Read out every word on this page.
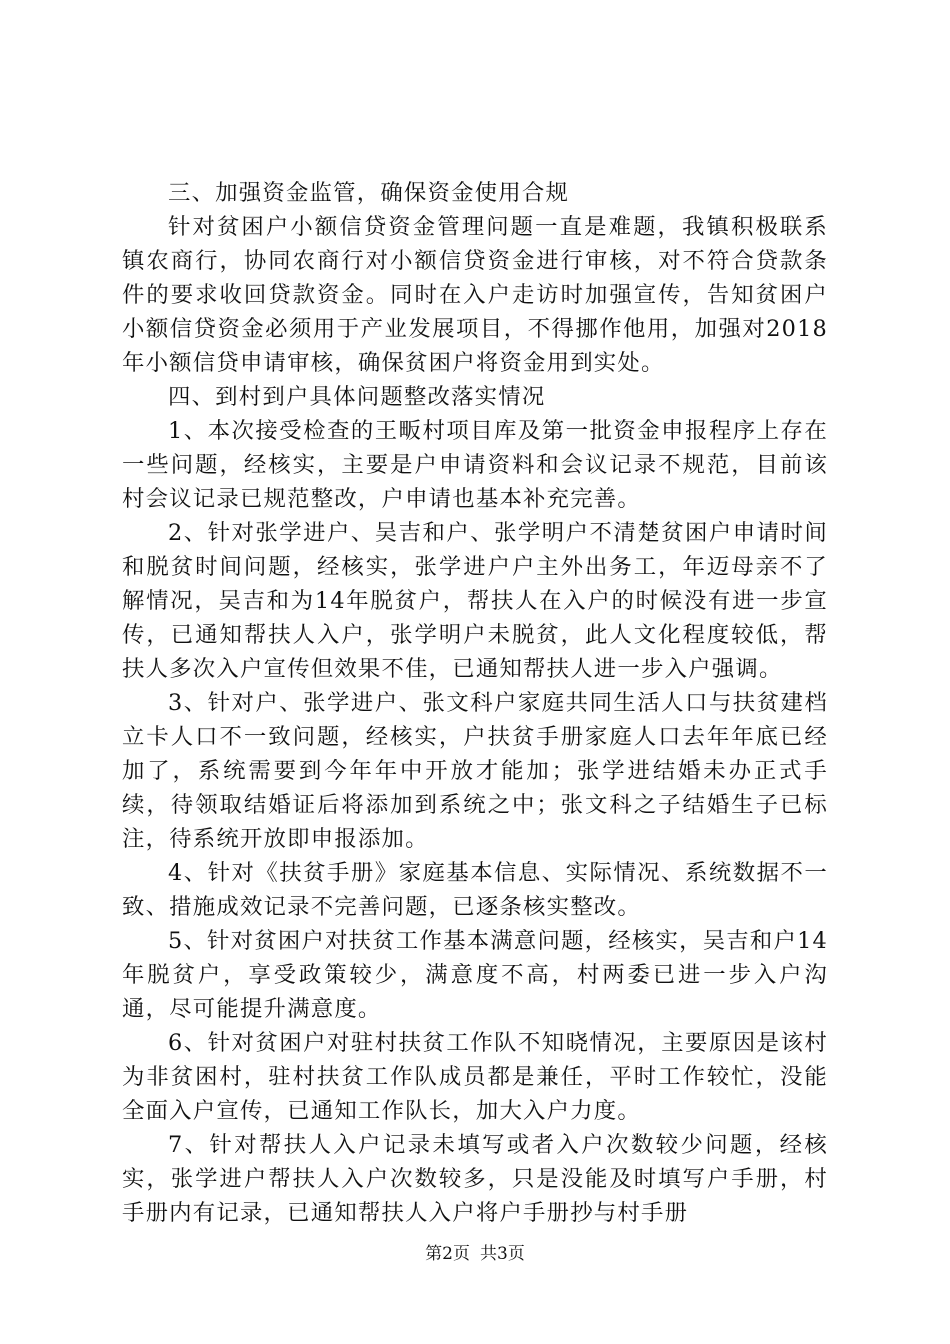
三、加强资金监管，确保资金使用合规

针对贫困户小额信贷资金管理问题一直是难题，我镇积极联系镇农商行，协同农商行对小额信贷资金进行审核，对不符合贷款条件的要求收回贷款资金。同时在入户走访时加强宣传，告知贫困户小额信贷资金必须用于产业发展项目，不得挪作他用，加强对2018年小额信贷申请审核，确保贫困户将资金用到实处。

四、到村到户具体问题整改落实情况

1、本次接受检查的王畈村项目库及第一批资金申报程序上存在一些问题，经核实，主要是户申请资料和会议记录不规范，目前该村会议记录已规范整改，户申请也基本补充完善。

2、针对张学进户、吴吉和户、张学明户不清楚贫困户申请时间和脱贫时间问题，经核实，张学进户户主外出务工，年迈母亲不了解情况，吴吉和为14年脱贫户，帮扶人在入户的时候没有进一步宣传，已通知帮扶人入户，张学明户未脱贫，此人文化程度较低，帮扶人多次入户宣传但效果不佳，已通知帮扶人进一步入户强调。

3、针对户、张学进户、张文科户家庭共同生活人口与扶贫建档立卡人口不一致问题，经核实，户扶贫手册家庭人口去年年底已经加了，系统需要到今年年中开放才能加；张学进结婚未办正式手续，待领取结婚证后将添加到系统之中；张文科之子结婚生子已标注，待系统开放即申报添加。

4、针对《扶贫手册》家庭基本信息、实际情况、系统数据不一致、措施成效记录不完善问题，已逐条核实整改。

5、针对贫困户对扶贫工作基本满意问题，经核实，吴吉和户14年脱贫户，享受政策较少，满意度不高，村两委已进一步入户沟通，尽可能提升满意度。

6、针对贫困户对驻村扶贫工作队不知晓情况，主要原因是该村为非贫困村，驻村扶贫工作队成员都是兼任，平时工作较忙，没能全面入户宣传，已通知工作队长，加大入户力度。

7、针对帮扶人入户记录未填写或者入户次数较少问题，经核实，张学进户帮扶人入户次数较多，只是没能及时填写户手册，村手册内有记录，已通知帮扶人入户将户手册抄与村手册

第2页 共3页
